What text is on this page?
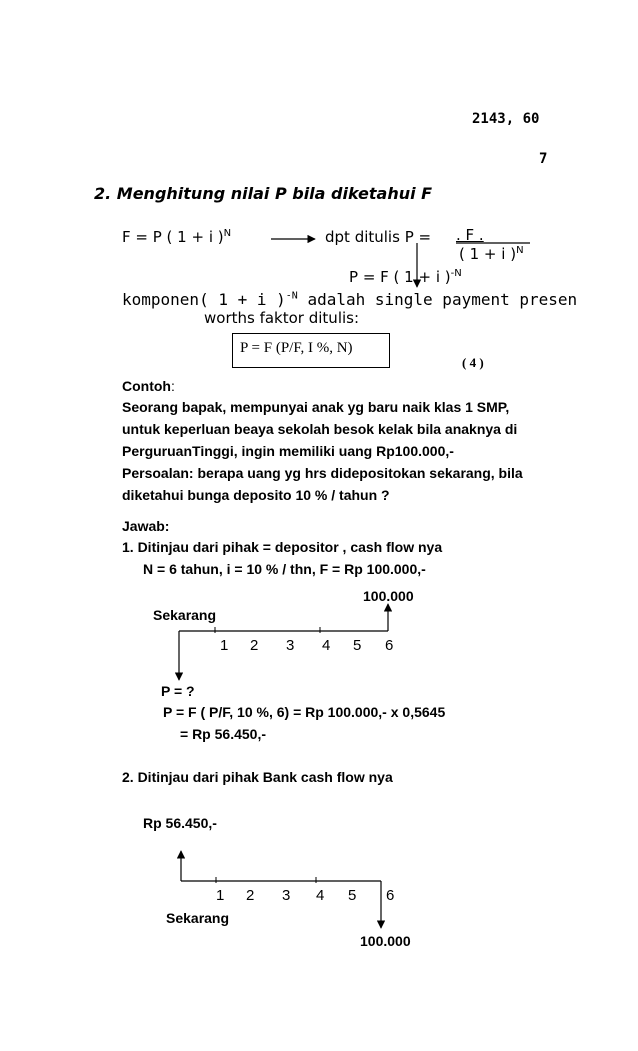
2143, 60
7
2. Menghitung nilai P bila diketahui F
F = P ( 1 + i )$^N$	dpt ditulis P = . F .
( 1 + i )$^N$
P = F ( 1 + i )$^{-N}$
komponen( 1 + i )$^{-N}$ adalah single payment presen
worths faktor ditulis:
P = F (P/F, I %, N)
( 4 )
Contoh:
Seorang bapak, mempunyai anak yg baru naik klas 1 SMP,
untuk keperluan beaya sekolah besok kelak bila anaknya di
PerguruanTinggi, ingin memiliki uang Rp100.000,-
Persoalan: berapa uang yg hrs didepositokan sekarang, bila
diketahui bunga deposito 10 % / tahun ?
Jawab:
1. Ditinjau dari pihak = depositor , cash flow nya
N = 6 tahun, i = 10 % / thn, F = Rp 100.000,-
100.000
Sekarang
1 2 3 4 5 6
P = ?
P = F ( P/F, 10 %, 6) = Rp 100.000,- x 0,5645
= Rp 56.450,-
2. Ditinjau dari pihak Bank cash flow nya
Rp 56.450,-
1 2 3 4 5 6
Sekarang
100.000
